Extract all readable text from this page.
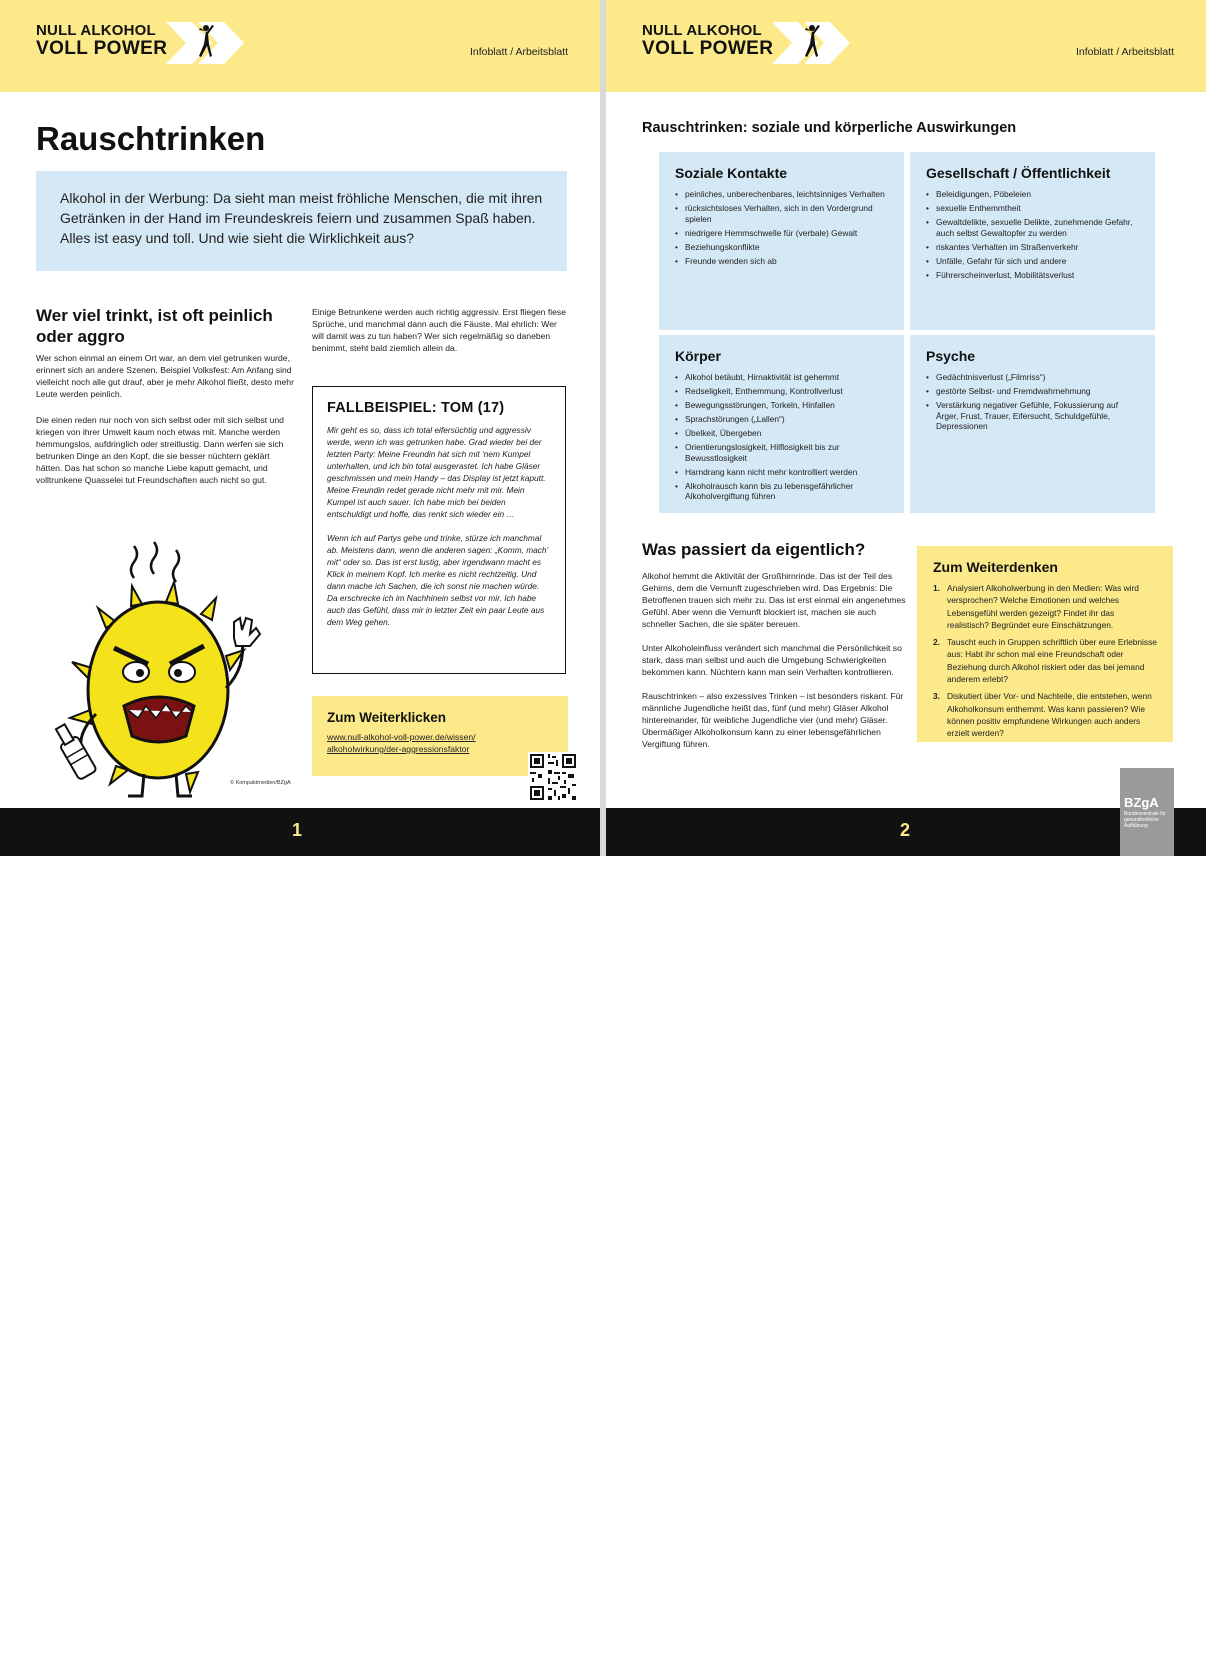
NULL ALKOHOL
VOLL POWER	Infoblatt / Arbeitsblatt
Rauschtrinken
Alkohol in der Werbung: Da sieht man meist fröhliche Menschen, die mit ihren Getränken in der Hand im Freundeskreis feiern und zusammen Spaß haben. Alles ist easy und toll. Und wie sieht die Wirklichkeit aus?
Wer viel trinkt, ist oft peinlich oder aggro

Wer schon einmal an einem Ort war, an dem viel getrunken wurde, erinnert sich an andere Szenen. Beispiel Volksfest: Am Anfang sind vielleicht noch alle gut drauf, aber je mehr Alkohol fließt, desto mehr Leute werden peinlich.

Die einen reden nur noch von sich selbst oder mit sich selbst und kriegen von ihrer Umwelt kaum noch etwas mit. Manche werden hemmungslos, aufdringlich oder streitlustig. Dann werfen sie sich betrunken Dinge an den Kopf, die sie besser nüchtern geklärt hätten. Das hat schon so manche Liebe kaputt gemacht, und volltrunkene Quasselei tut Freundschaften auch nicht so gut.

Einige Betrunkene werden auch richtig aggressiv. Erst fliegen fiese Sprüche, und manchmal dann auch die Fäuste. Mal ehrlich: Wer will damit was zu tun haben? Wer sich regelmäßig so daneben benimmt, steht bald ziemlich allein da.

FALLBEISPIEL: TOM (17)

Mir geht es so, dass ich total eifersüchtig und aggressiv werde, wenn ich was getrunken habe. Grad wieder bei der letzten Party: Meine Freundin hat sich mit ‘nem Kumpel unterhalten, und ich bin total ausgerastet. Ich habe Gläser geschmissen und mein Handy – das Display ist jetzt kaputt. Meine Freundin redet gerade nicht mehr mit mir. Mein Kumpel ist auch sauer. Ich habe mich bei beiden entschuldigt und hoffe, das renkt sich wieder ein …

Wenn ich auf Partys gehe und trinke, stürze ich manchmal ab. Meistens dann, wenn die anderen sagen: „Komm, mach’ mit“ oder so. Das ist erst lustig, aber irgendwann macht es Klick in meinem Kopf. Ich merke es nicht rechtzeitig. Und dann mache ich Sachen, die ich sonst nie machen würde. Da erschrecke ich im Nachhinein selbst vor mir. Ich habe auch das Gefühl, dass mir in letzter Zeit ein paar Leute aus dem Weg gehen.

Zum Weiterklicken
www.null-alkohol-voll-power.de/wissen/
alkoholwirkung/der-aggressionsfaktor
© Kompaktmedien/BZgA
1
NULL ALKOHOL
VOLL POWER	Infoblatt / Arbeitsblatt
Rauschtrinken: soziale und körperliche Auswirkungen
Soziale Kontakte
• peinliches, unberechenbares, leichtsinniges Verhalten
• rücksichtsloses Verhalten, sich in den Vordergrund spielen
• niedrigere Hemmschwelle für (verbale) Gewalt
• Beziehungskonflikte
• Freunde wenden sich ab
Gesellschaft / Öffentlichkeit
• Beleidigungen, Pöbeleien
• sexuelle Enthemmtheit
• Gewaltdelikte, sexuelle Delikte, zunehmende Gefahr, auch selbst Gewaltopfer zu werden
• riskantes Verhalten im Straßenverkehr
• Unfälle, Gefahr für sich und andere
• Führerscheinverlust, Mobilitätsverlust
Körper
• Alkohol betäubt, Hirnaktivität ist gehemmt
• Redseligkeit, Enthemmung, Kontrollverlust
• Bewegungsstörungen, Torkeln, Hinfallen
• Sprachstörungen („Lallen“)
• Übelkeit, Übergeben
• Orientierungslosigkeit, Hilflosigkeit bis zur Bewusstlosigkeit
• Harndrang kann nicht mehr kontrolliert werden
• Alkoholrausch kann bis zu lebensgefährlicher Alkoholvergiftung führen
Psyche
• Gedächtnisverlust („Filmriss“)
• gestörte Selbst- und Fremdwahrnehmung
• Verstärkung negativer Gefühle, Fokussierung auf Ärger, Frust, Trauer, Eifersucht, Schuldgefühle, Depressionen
Was passiert da eigentlich?

Alkohol hemmt die Aktivität der Großhirnrinde. Das ist der Teil des Gehirns, dem die Vernunft zugeschrieben wird. Das Ergebnis: Die Betroffenen trauen sich mehr zu. Das ist erst einmal ein angenehmes Gefühl. Aber wenn die Vernunft blockiert ist, machen sie auch schneller Sachen, die sie später bereuen.

Unter Alkoholeinfluss verändert sich manchmal die Persönlichkeit so stark, dass man selbst und auch die Umgebung Schwierigkeiten bekommen kann. Nüchtern kann man sein Verhalten kontrollieren.

Rauschtrinken – also exzessives Trinken – ist besonders riskant. Für männliche Jugendliche heißt das, fünf (und mehr) Gläser Alkohol hintereinander, für weibliche Jugendliche vier (und mehr) Gläser. Übermäßiger Alkoholkonsum kann zu einer lebensgefährlichen Vergiftung führen.

Zum Weiterdenken
1. Analysiert Alkoholwerbung in den Medien: Was wird versprochen? Welche Emotionen und welches Lebensgefühl werden gezeigt? Findet ihr das realistisch? Begründet eure Einschätzungen.
2. Tauscht euch in Gruppen schriftlich über eure Erlebnisse aus: Habt ihr schon mal eine Freundschaft oder Beziehung durch Alkohol riskiert oder das bei jemand anderem erlebt?
3. Diskutiert über Vor- und Nachteile, die entstehen, wenn Alkoholkonsum enthemmt. Was kann passieren? Wie können positiv empfundene Wirkungen auch anders erzielt werden?
www.null-alkohol-voll-power.de
mitreden@null-alkohol-voll-power.de
2
Stand: November 2020
BZgA
Bundeszentrale für gesundheitliche Aufklärung
